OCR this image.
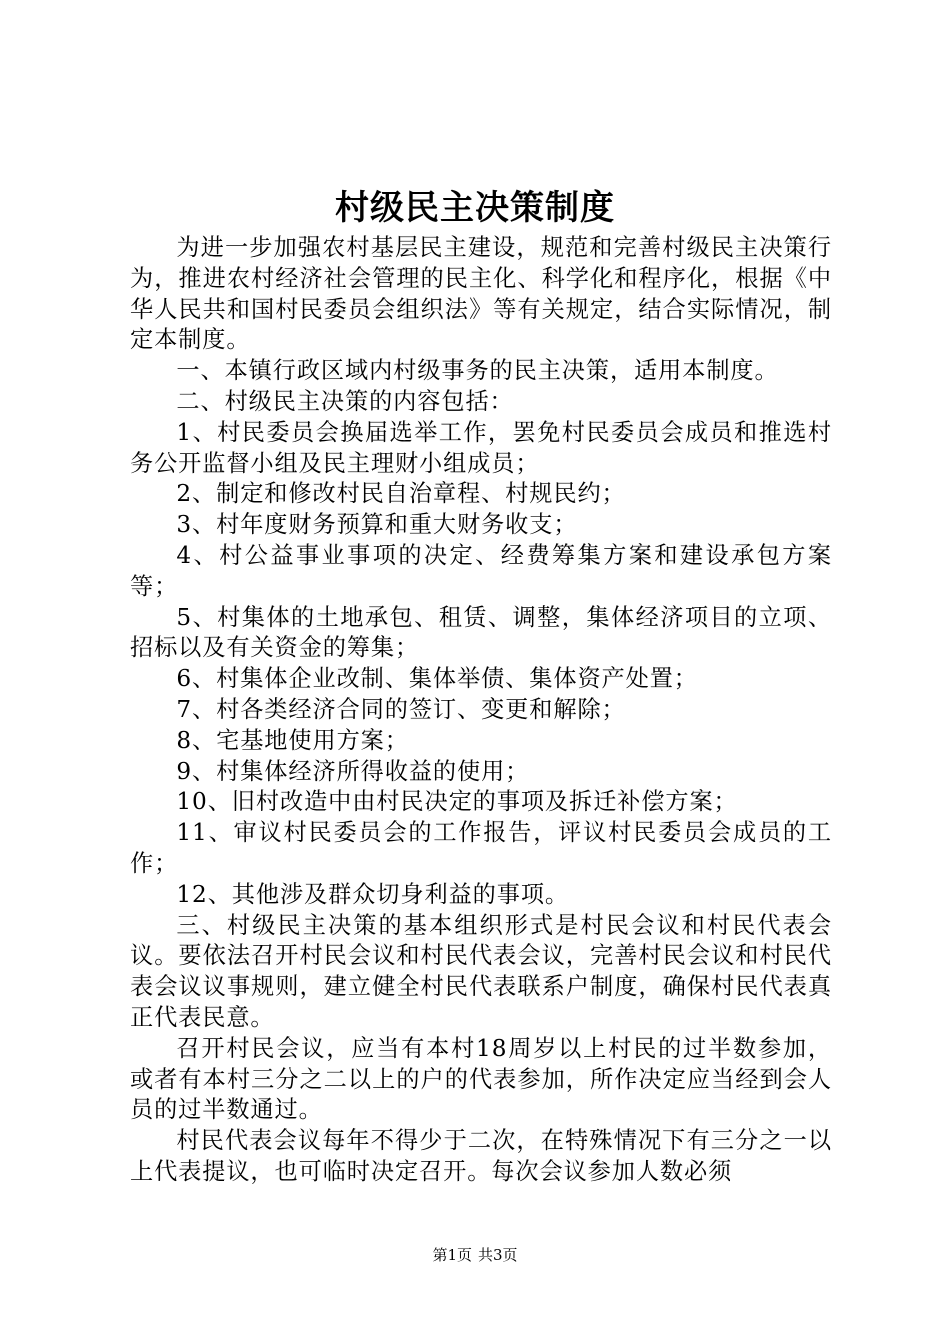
村级民主决策制度

为进一步加强农村基层民主建设，规范和完善村级民主决策行为，推进农村经济社会管理的民主化、科学化和程序化，根据《中华人民共和国村民委员会组织法》等有关规定，结合实际情况，制定本制度。

一、本镇行政区域内村级事务的民主决策，适用本制度。

二、村级民主决策的内容包括：

1、村民委员会换届选举工作，罢免村民委员会成员和推选村务公开监督小组及民主理财小组成员；

2、制定和修改村民自治章程、村规民约；

3、村年度财务预算和重大财务收支；

4、村公益事业事项的决定、经费筹集方案和建设承包方案等；

5、村集体的土地承包、租赁、调整，集体经济项目的立项、招标以及有关资金的筹集；

6、村集体企业改制、集体举债、集体资产处置；

7、村各类经济合同的签订、变更和解除；

8、宅基地使用方案；

9、村集体经济所得收益的使用；

10、旧村改造中由村民决定的事项及拆迁补偿方案；

11、审议村民委员会的工作报告，评议村民委员会成员的工作；

12、其他涉及群众切身利益的事项。

三、村级民主决策的基本组织形式是村民会议和村民代表会议。要依法召开村民会议和村民代表会议，完善村民会议和村民代表会议议事规则，建立健全村民代表联系户制度，确保村民代表真正代表民意。

召开村民会议，应当有本村18周岁以上村民的过半数参加，或者有本村三分之二以上的户的代表参加，所作决定应当经到会人员的过半数通过。

村民代表会议每年不得少于二次，在特殊情况下有三分之一以上代表提议，也可临时决定召开。每次会议参加人数必须

第1页 共3页
